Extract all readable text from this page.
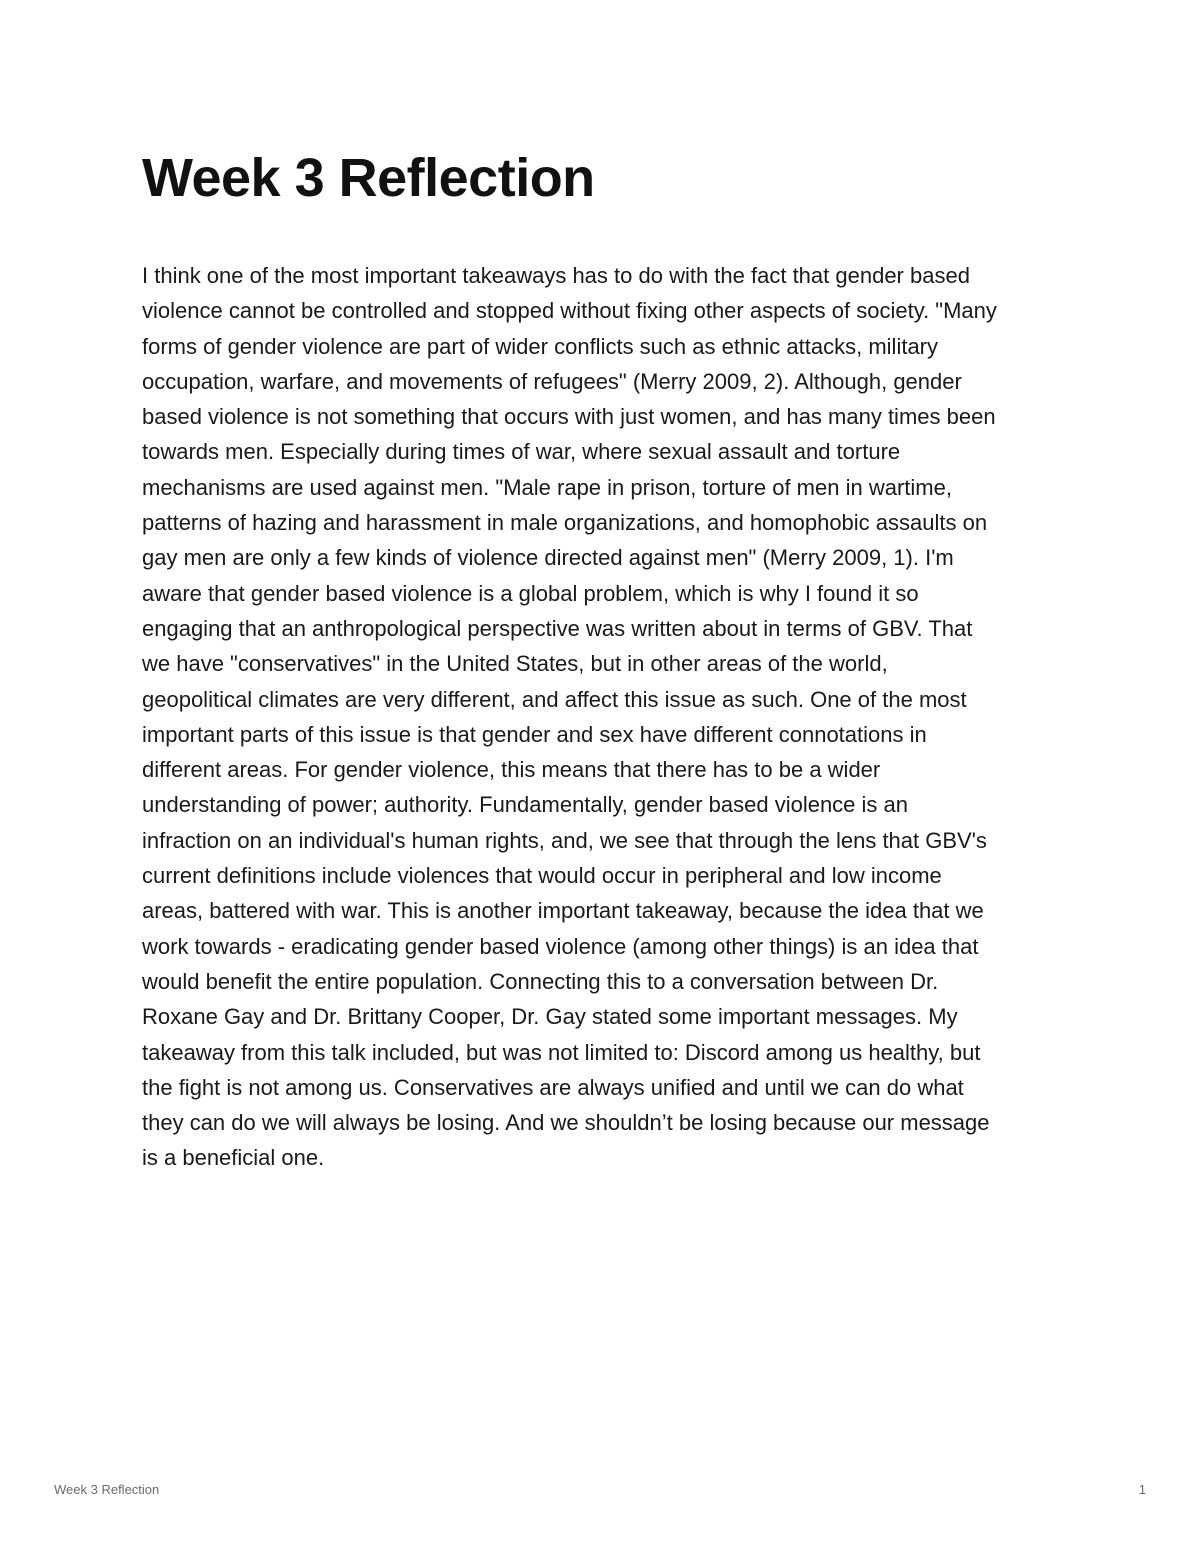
Week 3 Reflection
I think one of the most important takeaways has to do with the fact that gender based
violence cannot be controlled and stopped without fixing other aspects of society. "Many
forms of gender violence are part of wider conflicts such as ethnic attacks, military
occupation, warfare, and movements of refugees" (Merry 2009, 2). Although, gender
based violence is not something that occurs with just women, and has many times been
towards men. Especially during times of war, where sexual assault and torture
mechanisms are used against men. "Male rape in prison, torture of men in wartime,
patterns of hazing and harassment in male organizations, and homophobic assaults on
gay men are only a few kinds of violence directed against men" (Merry 2009, 1). I'm
aware that gender based violence is a global problem, which is why I found it so
engaging that an anthropological perspective was written about in terms of GBV. That
we have "conservatives" in the United States, but in other areas of the world,
geopolitical climates are very different, and affect this issue as such. One of the most
important parts of this issue is that gender and sex have different connotations in
different areas. For gender violence, this means that there has to be a wider
understanding of power; authority. Fundamentally, gender based violence is an
infraction on an individual's human rights, and, we see that through the lens that GBV's
current definitions include violences that would occur in peripheral and low income
areas, battered with war. This is another important takeaway, because the idea that we
work towards - eradicating gender based violence (among other things) is an idea that
would benefit the entire population. Connecting this to a conversation between Dr.
Roxane Gay and Dr. Brittany Cooper, Dr. Gay stated some important messages. My
takeaway from this talk included, but was not limited to: Discord among us healthy, but
the fight is not among us. Conservatives are always unified and until we can do what
they can do we will always be losing. And we shouldn’t be losing because our message
is a beneficial one.
Week 3 Reflection	1
